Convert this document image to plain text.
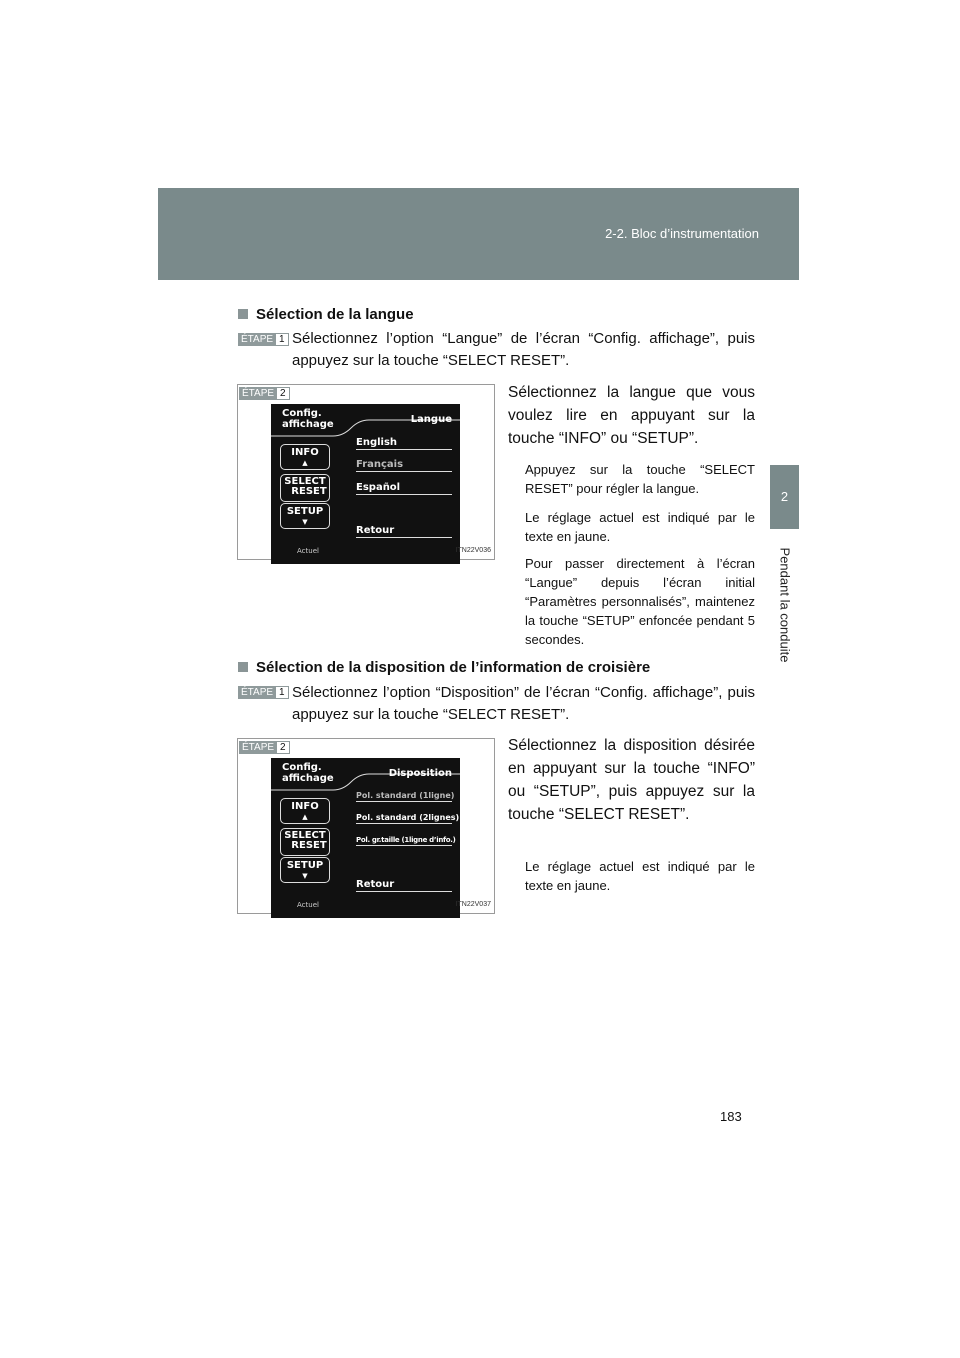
2-2. Bloc d’instrumentation
2
Pendant la conduite
Sélection de la langue
ÉTAPE 1 Sélectionnez l’option “Langue” de l’écran “Config. affichage”, puis appuyez sur la touche “SELECT RESET”.
ÉTAPE 2
Config.
affichage	Langue
INFO
▲
SELECT
RESET
SETUP
▼
Actuel
English
Français
Español
Retour
ITN22V036
Sélectionnez la langue que vous voulez lire en appuyant sur la touche “INFO” ou “SETUP”.
Appuyez sur la touche “SELECT RESET” pour régler la langue.
Le réglage actuel est indiqué par le texte en jaune.
Pour passer directement à l’écran “Langue” depuis l’écran initial “Paramètres personnalisés”, maintenez la touche “SETUP” enfoncée pendant 5 secondes.
Sélection de la disposition de l’information de croisière
ÉTAPE 1 Sélectionnez l’option “Disposition” de l’écran “Config. affichage”, puis appuyez sur la touche “SELECT RESET”.
ÉTAPE 2
Config.
affichage	Disposition
INFO
▲
SELECT
RESET
SETUP
▼
Actuel
Pol. standard (1ligne)
Pol. standard (2lignes)
Pol. gr.taille (1ligne d’info.)
Retour
ITN22V037
Sélectionnez la disposition désirée en appuyant sur la touche “INFO” ou “SETUP”, puis appuyez sur la touche “SELECT RESET”.
Le réglage actuel est indiqué par le texte en jaune.
183
